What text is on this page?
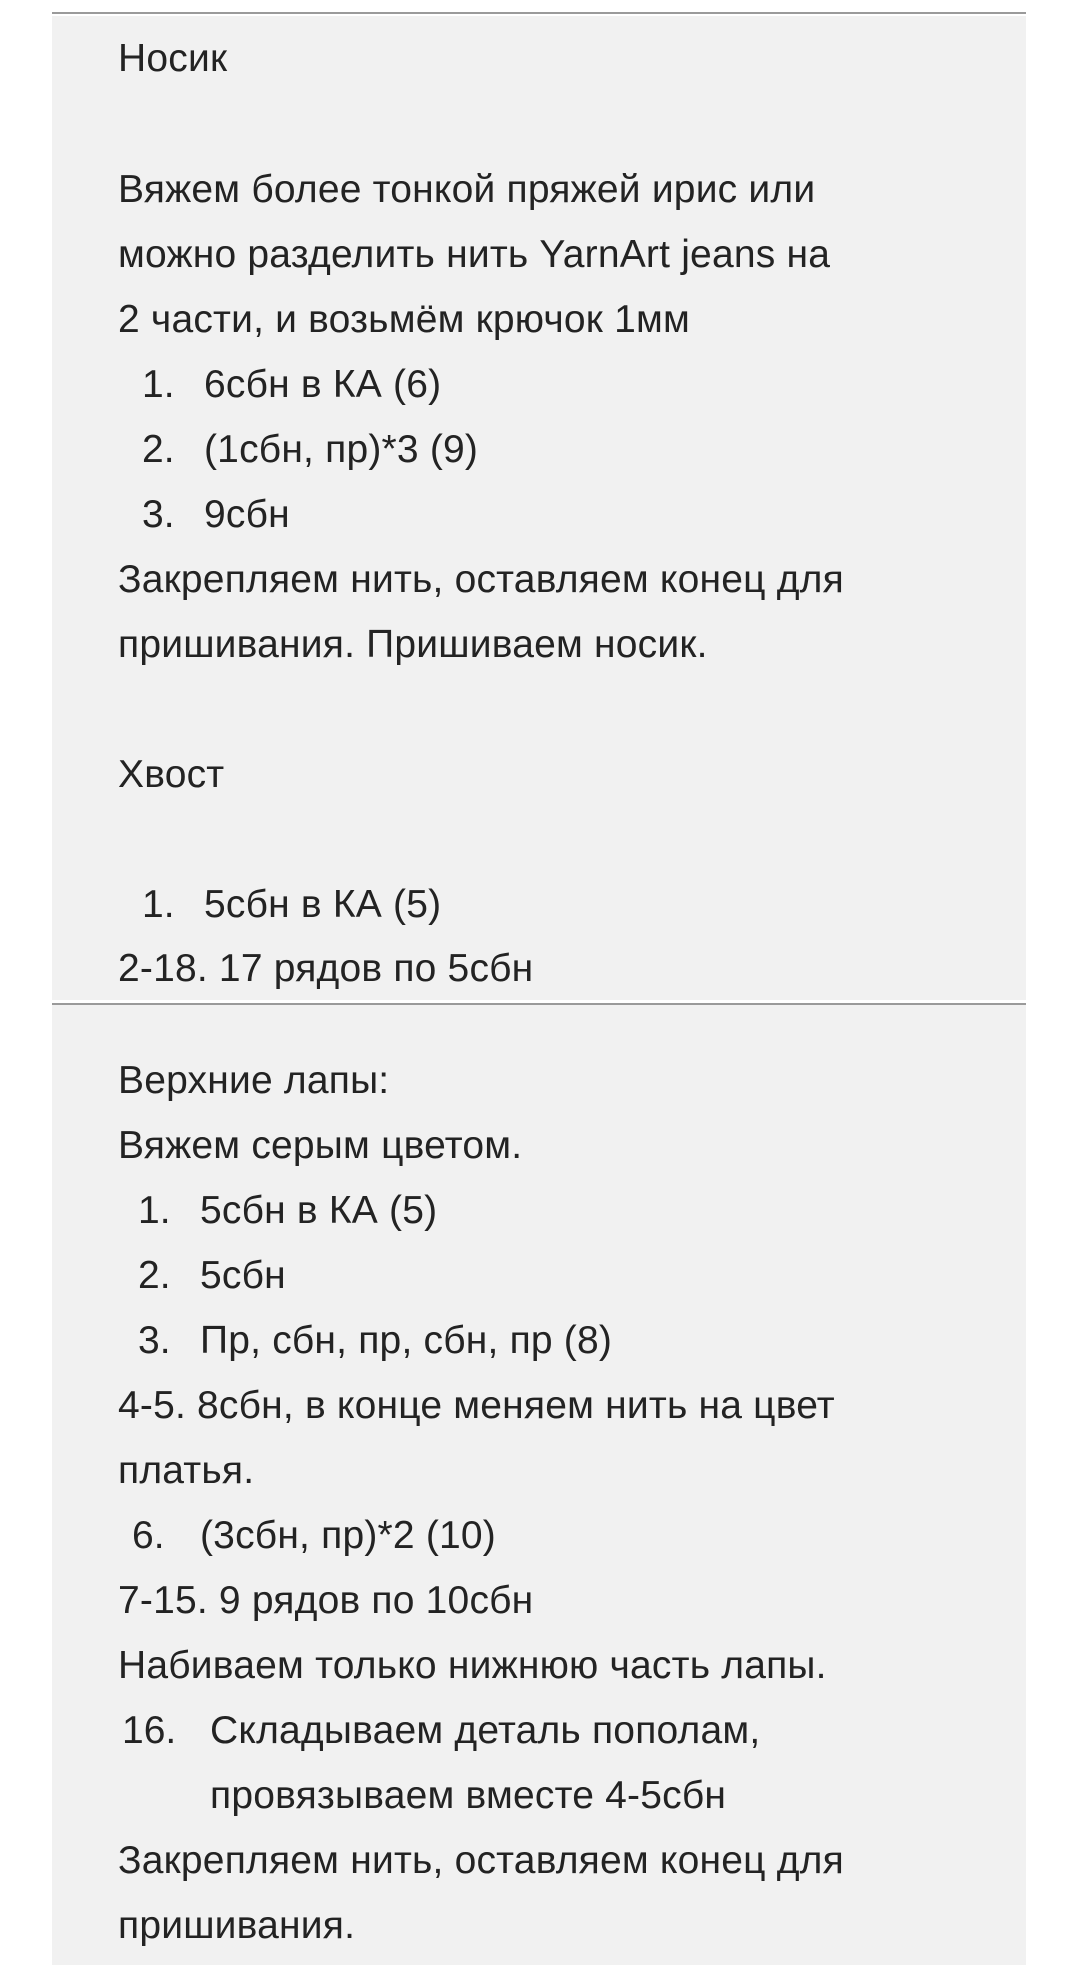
Носик
Вяжем более тонкой пряжей ирис или
можно разделить нить YarnArt jeans на
2 части, и возьмём крючок 1мм
1. 6сбн в КА (6)
2. (1сбн, пр)*3 (9)
3. 9сбн
Закрепляем нить, оставляем конец для
пришивания. Пришиваем носик.
Хвост
1. 5сбн в КА (5)
2-18. 17 рядов по 5сбн
Верхние лапы:
Вяжем серым цветом.
1. 5сбн в КА (5)
2. 5сбн
3. Пр, сбн, пр, сбн, пр (8)
4-5. 8сбн, в конце меняем нить на цвет
платья.
6. (3сбн, пр)*2 (10)
7-15. 9 рядов по 10сбн
Набиваем только нижнюю часть лапы.
16. Складываем деталь пополам,
провязываем вместе 4-5сбн
Закрепляем нить, оставляем конец для
пришивания.
